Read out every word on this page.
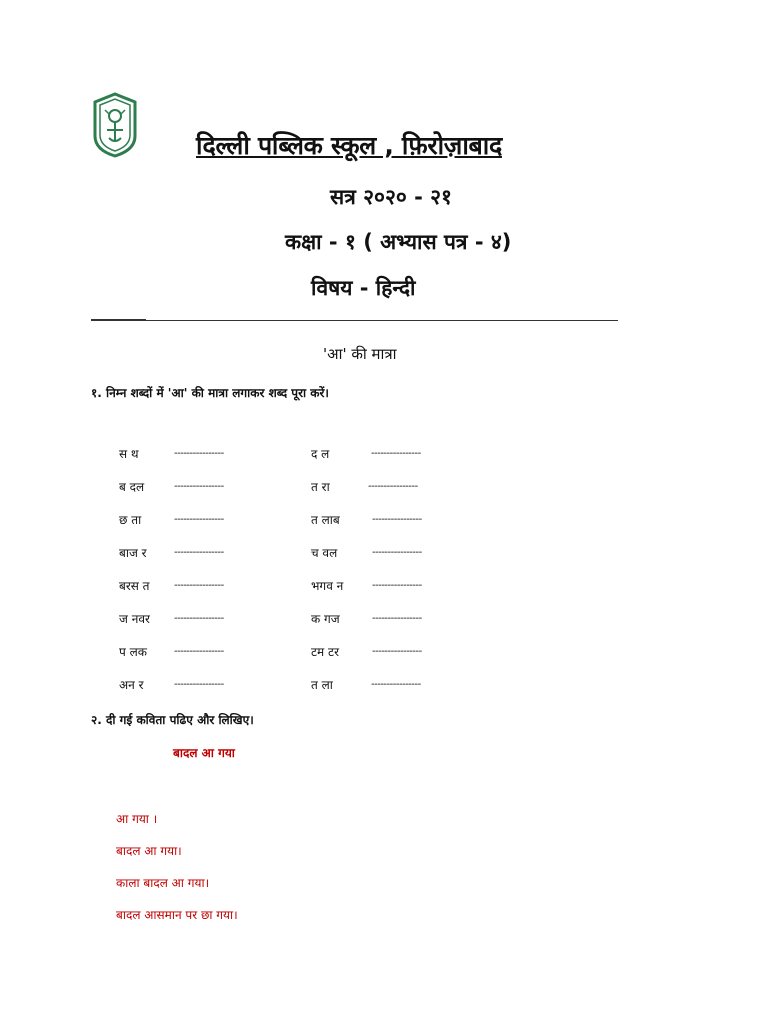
दिल्ली पब्लिक स्कूल , फ़िरोज़ाबाद
सत्र २०२० - २१
कक्षा - १ ( अभ्यास पत्र - ४)
विषय - हिन्दी
'आ' की मात्रा
१. निम्न शब्दों में 'आ' की मात्रा लगाकर शब्द पूरा करें।
स थ	----------------	द ल	----------------
ब दल	----------------	त रा	----------------
छ ता	----------------	त लाब	----------------
बाज र	----------------	च वल	----------------
बरस त ----------------	भगव न	----------------
ज नवर ----------------	क गज	----------------
प लक	----------------	टम टर	----------------
अन र	----------------	त ला	----------------
२. दी गई कविता पढिए और लिखिए।
बादल आ गया
आ गया ।
बादल आ गया।
काला बादल आ गया।
बादल आसमान पर छा गया।
